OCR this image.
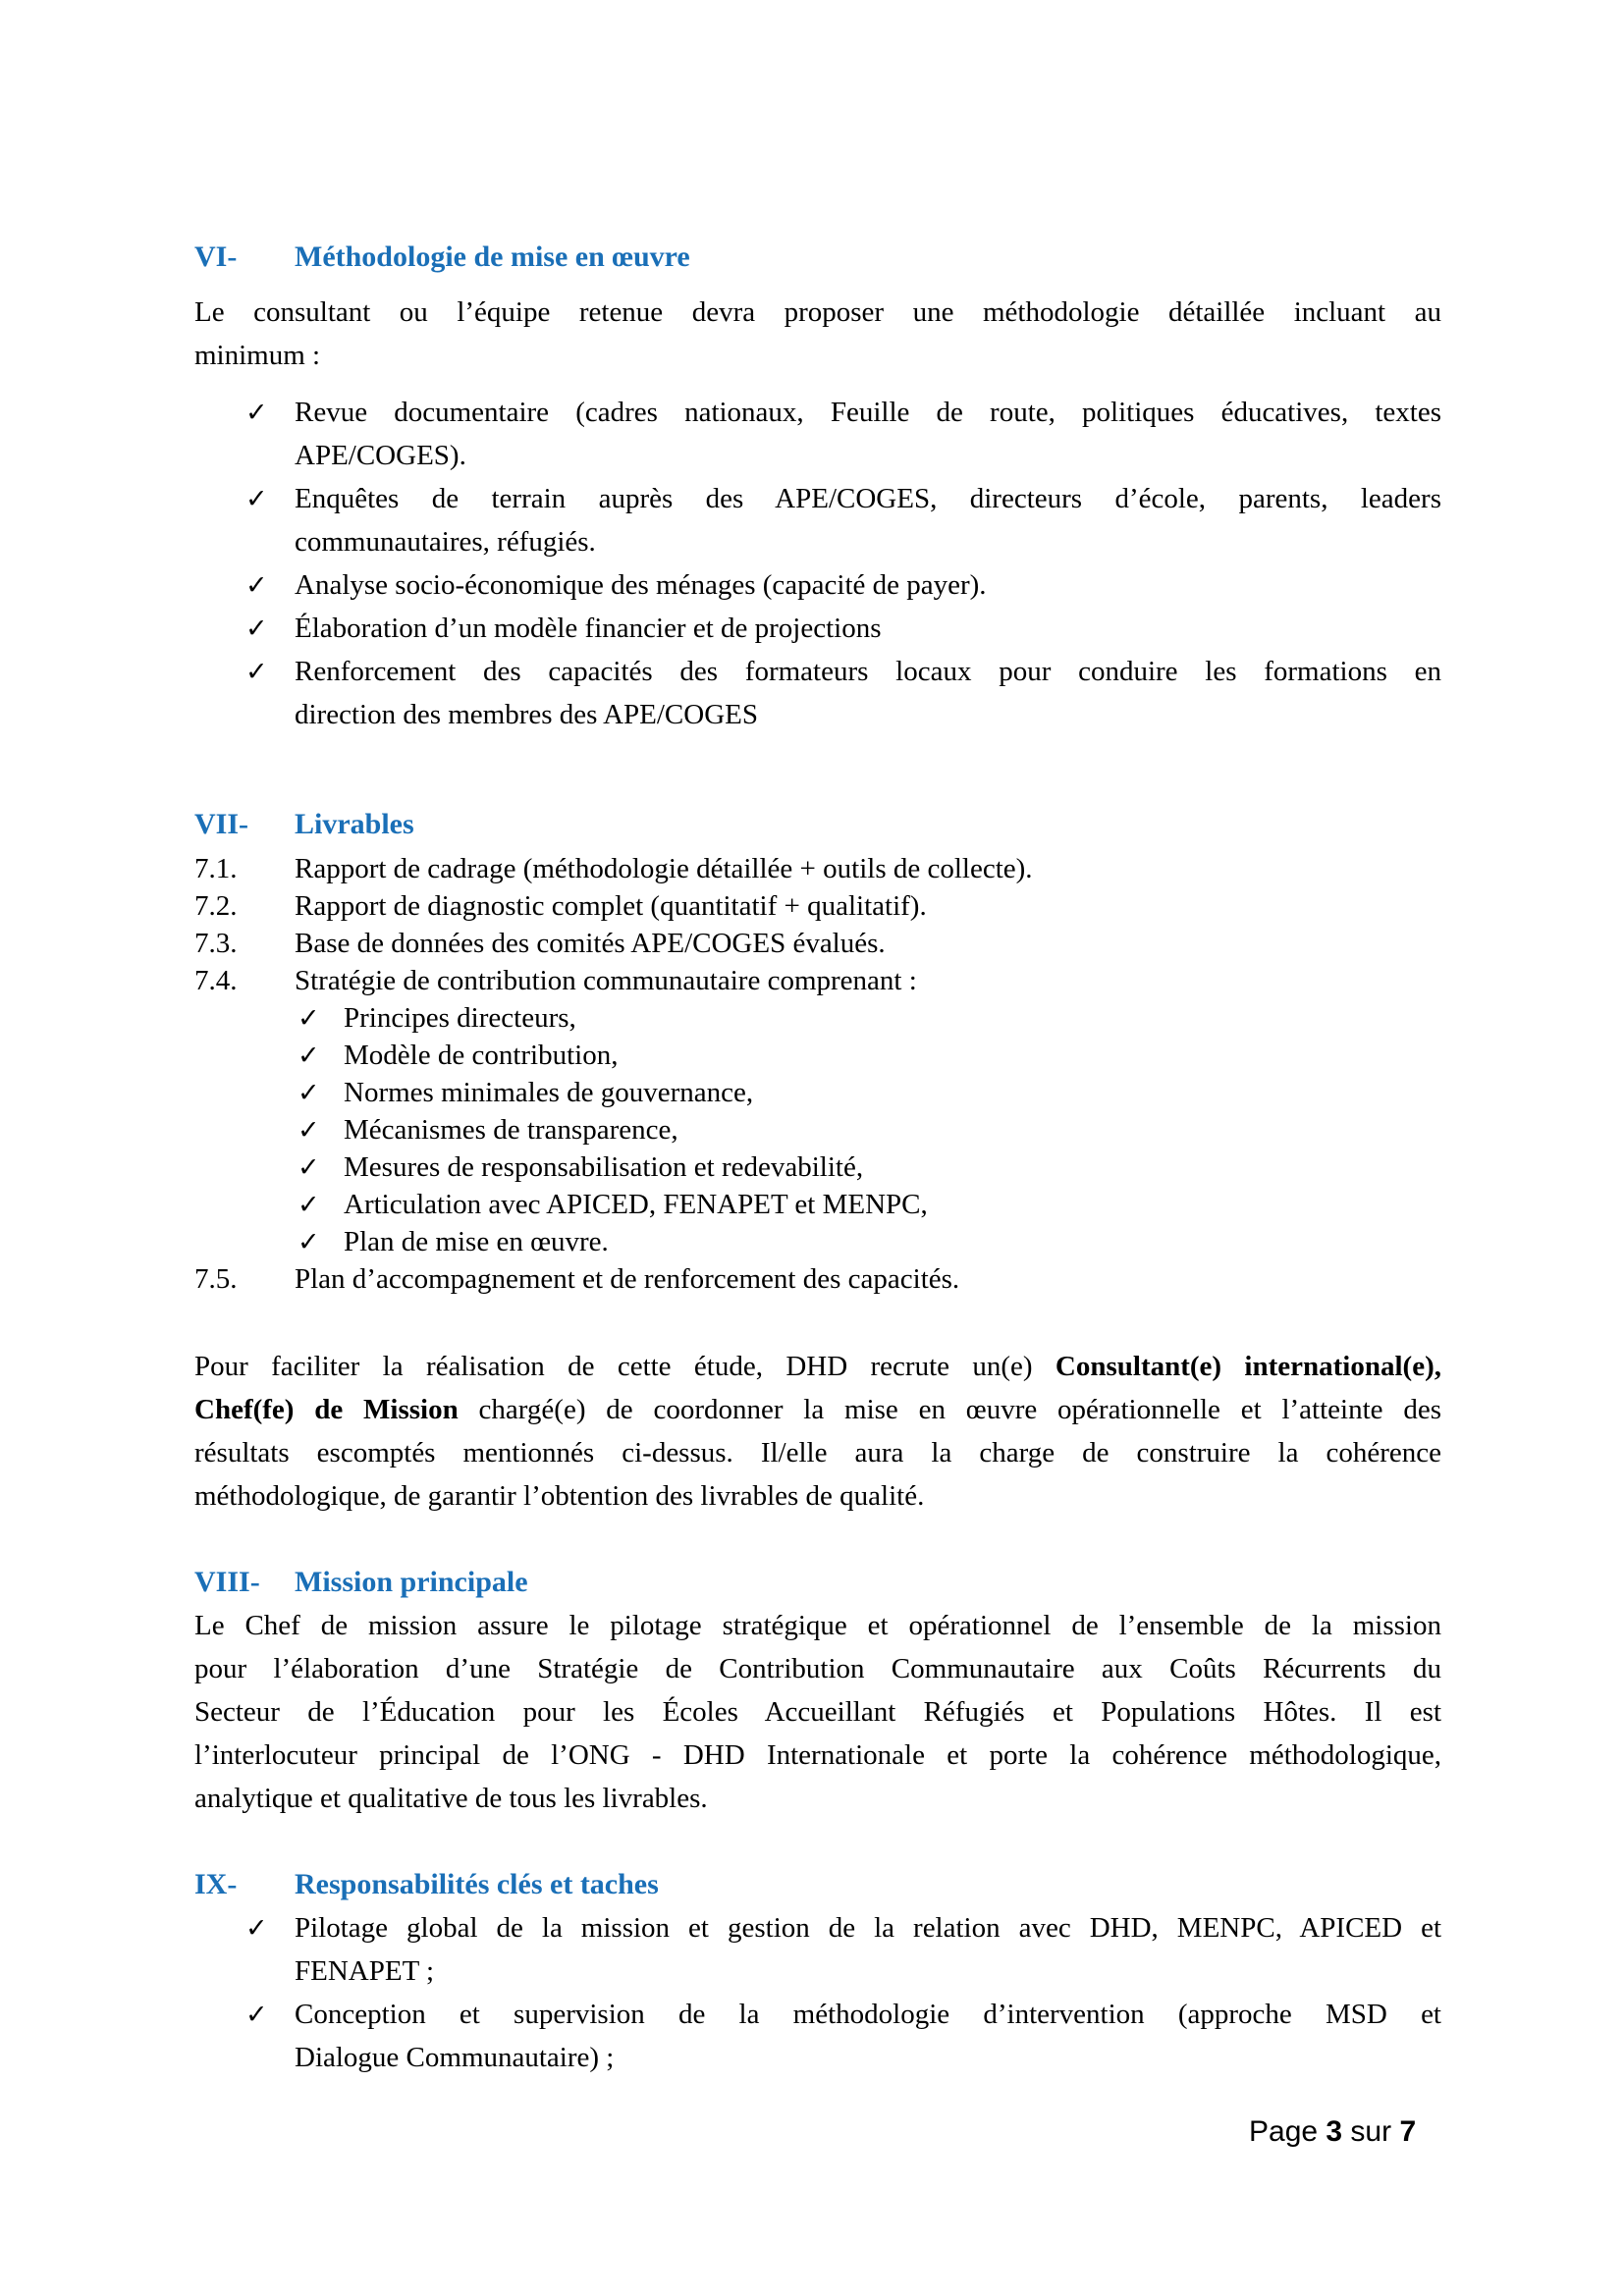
VI- Méthodologie de mise en œuvre
Le consultant ou l’équipe retenue devra proposer une méthodologie détaillée incluant au
minimum :
✓ Revue documentaire (cadres nationaux, Feuille de route, politiques éducatives, textes
APE/COGES).
✓ Enquêtes de terrain auprès des APE/COGES, directeurs d’école, parents, leaders
communautaires, réfugiés.
✓ Analyse socio-économique des ménages (capacité de payer).
✓ Élaboration d’un modèle financier et de projections
✓ Renforcement des capacités des formateurs locaux pour conduire les formations en
direction des membres des APE/COGES
VII- Livrables
7.1. Rapport de cadrage (méthodologie détaillée + outils de collecte).
7.2. Rapport de diagnostic complet (quantitatif + qualitatif).
7.3. Base de données des comités APE/COGES évalués.
7.4. Stratégie de contribution communautaire comprenant :
✓ Principes directeurs,
✓ Modèle de contribution,
✓ Normes minimales de gouvernance,
✓ Mécanismes de transparence,
✓ Mesures de responsabilisation et redevabilité,
✓ Articulation avec APICED, FENAPET et MENPC,
✓ Plan de mise en œuvre.
7.5. Plan d’accompagnement et de renforcement des capacités.
Pour faciliter la réalisation de cette étude, DHD recrute un(e) Consultant(e) international(e),
Chef(fe) de Mission chargé(e) de coordonner la mise en œuvre opérationnelle et l’atteinte des
résultats escomptés mentionnés ci-dessus. Il/elle aura la charge de construire la cohérence
méthodologique, de garantir l’obtention des livrables de qualité.
VIII- Mission principale
Le Chef de mission assure le pilotage stratégique et opérationnel de l’ensemble de la mission
pour l’élaboration d’une Stratégie de Contribution Communautaire aux Coûts Récurrents du
Secteur de l’Éducation pour les Écoles Accueillant Réfugiés et Populations Hôtes. Il est
l’interlocuteur principal de l’ONG - DHD Internationale et porte la cohérence méthodologique,
analytique et qualitative de tous les livrables.
IX- Responsabilités clés et taches
✓ Pilotage global de la mission et gestion de la relation avec DHD, MENPC, APICED et
FENAPET ;
✓ Conception et supervision de la méthodologie d’intervention (approche MSD et
Dialogue Communautaire) ;
Page 3 sur 7
